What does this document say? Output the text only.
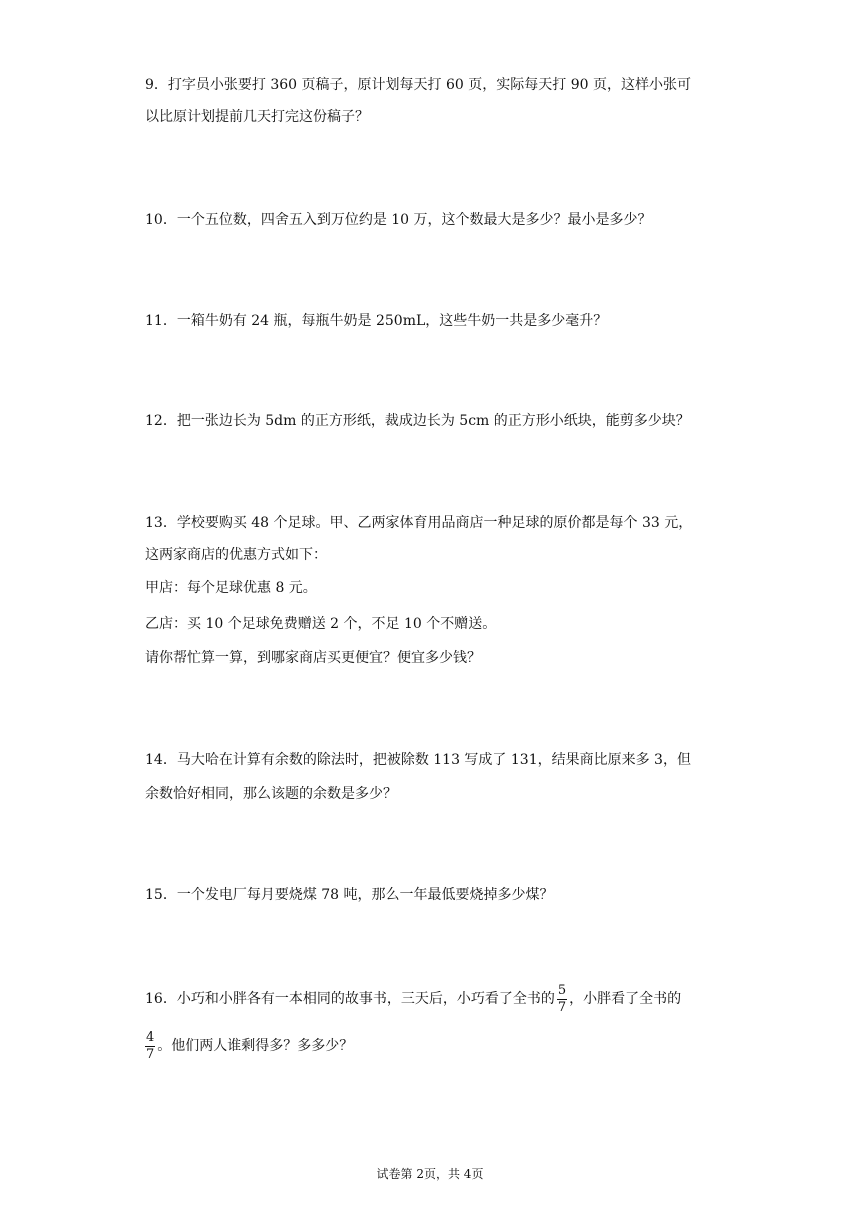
9．打字员小张要打 360 页稿子，原计划每天打 60 页，实际每天打 90 页，这样小张可
以比原计划提前几天打完这份稿子？
10．一个五位数，四舍五入到万位约是 10 万，这个数最大是多少？最小是多少？
11．一箱牛奶有 24 瓶，每瓶牛奶是 250mL，这些牛奶一共是多少毫升？
12．把一张边长为 5dm 的正方形纸，裁成边长为 5cm 的正方形小纸块，能剪多少块？
13．学校要购买 48 个足球。甲、乙两家体育用品商店一种足球的原价都是每个 33 元，
这两家商店的优惠方式如下：
甲店：每个足球优惠 8 元。
乙店：买 10 个足球免费赠送 2 个，不足 10 个不赠送。
请你帮忙算一算，到哪家商店买更便宜？便宜多少钱？
14．马大哈在计算有余数的除法时，把被除数 113 写成了 131，结果商比原来多 3，但
余数恰好相同，那么该题的余数是多少？
15．一个发电厂每月要烧煤 78 吨，那么一年最低要烧掉多少煤？
16．小巧和小胖各有一本相同的故事书，三天后，小巧看了全书的 $\frac{5}{7}$ ，小胖看了全书的
$\frac{4}{7}$ 。他们两人谁剩得多？多多少？
试卷第 2页，共 4页
